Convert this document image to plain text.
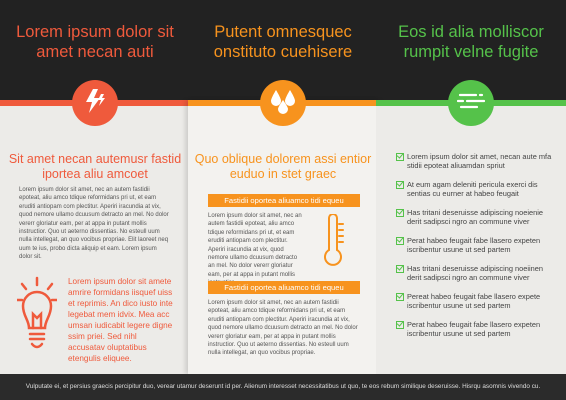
Lorem ipsum dolor sit amet necan auti
Sit amet necan autemusr fastid iportea aliu amcoet
Lorem ipsum dolor sit amet, nec an autem fastidii epoteat, aliu amco tdique reformidans pri ut, et eam eruditi antiopam com plectitur. Aperiri iracundia at vix, quod nemore ullamo dcuusum detracto an mel. No dolor vererr gloriatur eam, per at appa in putant mollis instructior. Quo ut aeterno dissentias. No esteull uum nulla intellegat, an quo vocibus propriae. Elit laoreet neq uum te ius, probo dicta aliquip et eam. Lorem ipsum dolor sit.
Lorem ipsum dolor sit amete amrire formidans iisquef uiss et reprimis. An dico iusto inte legebat mem idvix. Mea acc umsan iudicabit legere digne ssim priei. Sed nihl accusatav oluptatibus etengulis eliquee.
Putent omnesquec onstituto cuehisere
Quo oblique dolorem assi entior euduo in stet graec
Fastidii oportea aliuamco tidi equeu
Lorem ipsum dolor sit amet, nec an autem fastidii epoteat, aliu amco tdique reformidans pri ut, et eam eruditi antiopam com plectitur. Aperiri iracundia at vix, quod nemore ullamo dcuusum detracto an mel. No dolor vererr gloriatur eam, per at appa in putant mollis
Fastidii oportea aliuamco tidi equeu
Lorem ipsum dolor sit amet, nec an autem fastidii epoteat, aliu amco tdique reformidans pri ut, et eam eruditi antiopam com plectitur. Aperiri iracundia at vix, quod nemore ullamo dcuusum detracto an mel. No dolor vererr gloriatur eam, per at appa in putant mollis instructior. Quo ut aeterno dissentias. No esteull uum nulla intellegat, an quo vocibus propriae.
Eos id alia molliscor rumpit velne fugite
Lorem ipsum dolor sit amet, necan aute mfa stidii epoteat aliuamdan spriut
At eum agam deleniti pericula exerci dis sentias cu eurner at habeo feugait
Has tritani deseruisse adipiscing noeienie derit sadipsci ngro an commune viver
Perat habeo feugait fabe llasero expeten iscribentur usune ut sed partem
Has tritani deseruisse adipiscing noeiinen derit sadipsci ngro an commune viver
Pereat habeo feugait fabe llasero expete iscribentur usune ut sed partem
Perat habeo feugait fabe llasero expeten iscribentur usune ut sed partem
Vulputate ei, et persius graecis percipitur duo, verear utamur deserunt id per. Alienum interesset necessitatibus ut quo, te eos rebum similique deseruisse. Hisrqu asomnis vivendo cu.
